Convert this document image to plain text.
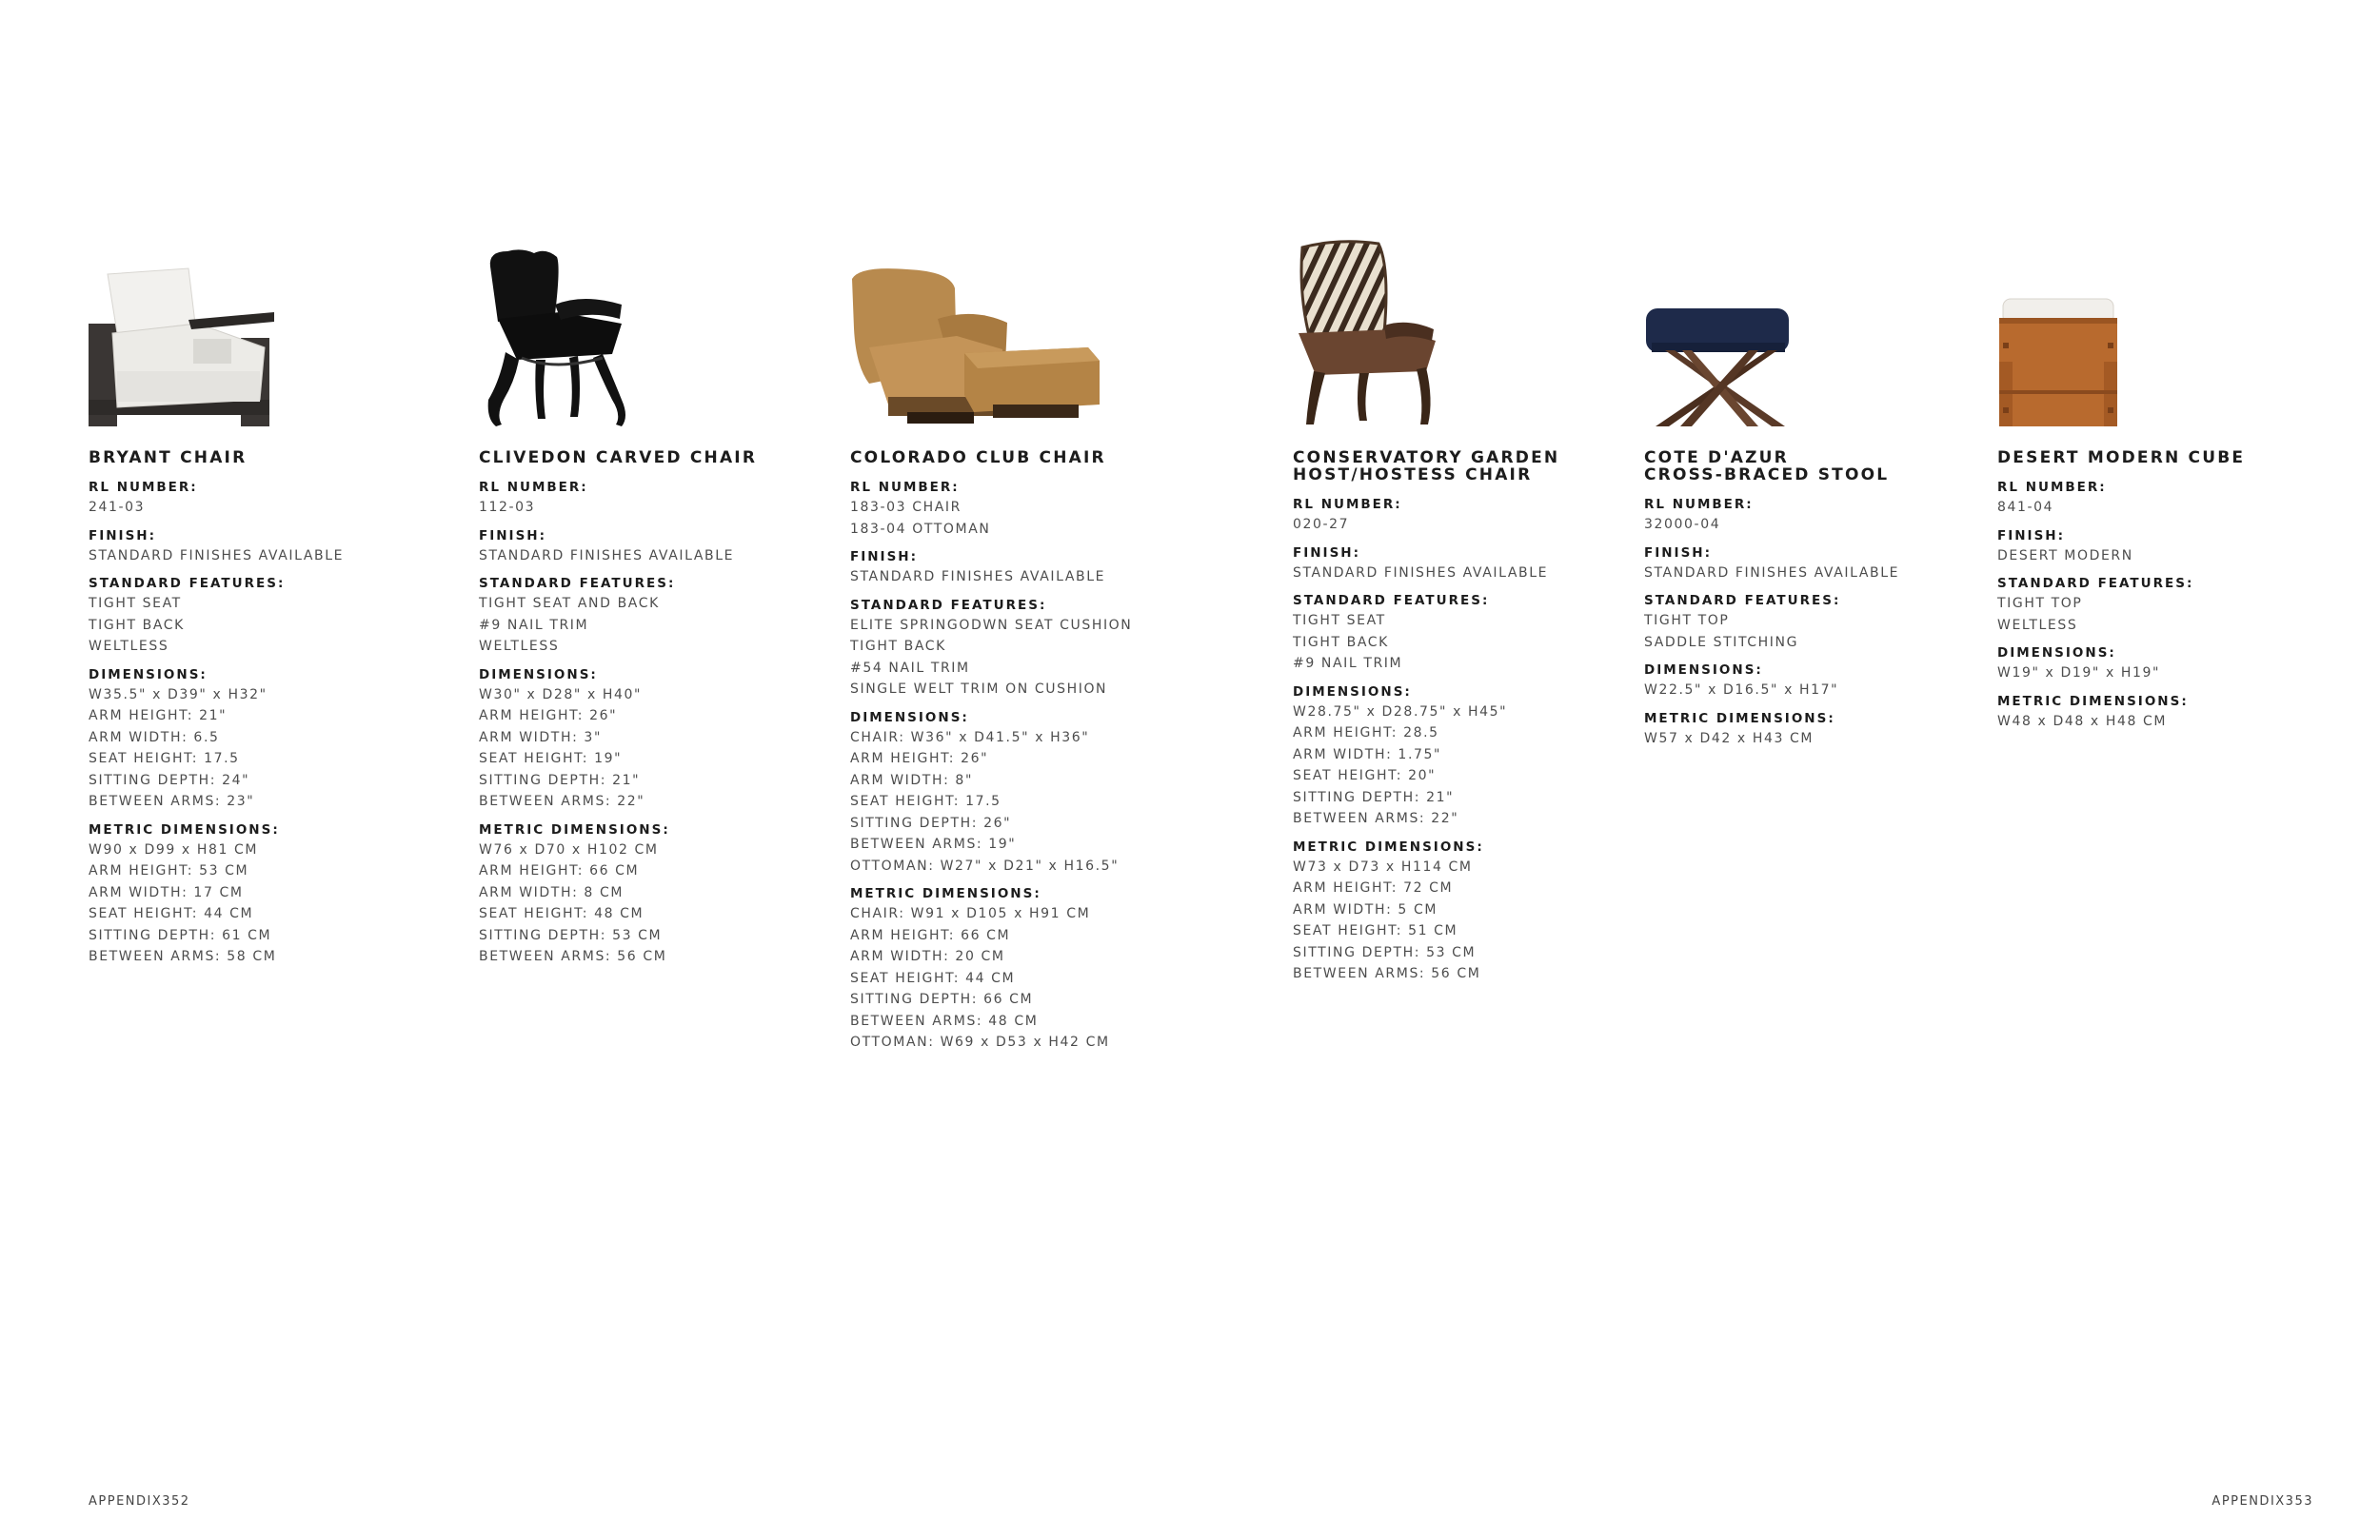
BRYANT CHAIR
RL NUMBER:
241-03
FINISH:
STANDARD FINISHES AVAILABLE
STANDARD FEATURES:
TIGHT SEAT
TIGHT BACK
WELTLESS
DIMENSIONS:
W35.5" x D39" x H32"
ARM HEIGHT: 21"
ARM WIDTH: 6.5
SEAT HEIGHT: 17.5
SITTING DEPTH: 24"
BETWEEN ARMS: 23"
METRIC DIMENSIONS:
W90 x D99 x H81 CM
ARM HEIGHT: 53 CM
ARM WIDTH: 17 CM
SEAT HEIGHT: 44 CM
SITTING DEPTH: 61 CM
BETWEEN ARMS: 58 CM
CLIVEDON CARVED CHAIR
RL NUMBER:
112-03
FINISH:
STANDARD FINISHES AVAILABLE
STANDARD FEATURES:
TIGHT SEAT AND BACK
#9 NAIL TRIM
WELTLESS
DIMENSIONS:
W30" x D28" x H40"
ARM HEIGHT: 26"
ARM WIDTH: 3"
SEAT HEIGHT: 19"
SITTING DEPTH: 21"
BETWEEN ARMS: 22"
METRIC DIMENSIONS:
W76 x D70 x H102 CM
ARM HEIGHT: 66 CM
ARM WIDTH: 8 CM
SEAT HEIGHT: 48 CM
SITTING DEPTH: 53 CM
BETWEEN ARMS: 56 CM
COLORADO CLUB CHAIR
RL NUMBER:
183-03 CHAIR
183-04 OTTOMAN
FINISH:
STANDARD FINISHES AVAILABLE
STANDARD FEATURES:
ELITE SPRINGODWN SEAT CUSHION
TIGHT BACK
#54 NAIL TRIM
SINGLE WELT TRIM ON CUSHION
DIMENSIONS:
CHAIR: W36" x D41.5" x H36"
ARM HEIGHT: 26"
ARM WIDTH: 8"
SEAT HEIGHT: 17.5
SITTING DEPTH: 26"
BETWEEN ARMS: 19"
OTTOMAN: W27" x D21" x H16.5"
METRIC DIMENSIONS:
CHAIR: W91 x D105 x H91 CM
ARM HEIGHT: 66 CM
ARM WIDTH: 20 CM
SEAT HEIGHT: 44 CM
SITTING DEPTH: 66 CM
BETWEEN ARMS: 48 CM
OTTOMAN: W69 x D53 x H42 CM
CONSERVATORY GARDEN
HOST/HOSTESS CHAIR
RL NUMBER:
020-27
FINISH:
STANDARD FINISHES AVAILABLE
STANDARD FEATURES:
TIGHT SEAT
TIGHT BACK
#9 NAIL TRIM
DIMENSIONS:
W28.75" x D28.75" x H45"
ARM HEIGHT: 28.5
ARM WIDTH: 1.75"
SEAT HEIGHT: 20"
SITTING DEPTH: 21"
BETWEEN ARMS: 22"
METRIC DIMENSIONS:
W73 x D73 x H114 CM
ARM HEIGHT: 72 CM
ARM WIDTH: 5 CM
SEAT HEIGHT: 51 CM
SITTING DEPTH: 53 CM
BETWEEN ARMS: 56 CM
COTE D'AZUR
CROSS-BRACED STOOL
RL NUMBER:
32000-04
FINISH:
STANDARD FINISHES AVAILABLE
STANDARD FEATURES:
TIGHT TOP
SADDLE STITCHING
DIMENSIONS:
W22.5" x D16.5" x H17"
METRIC DIMENSIONS:
W57 x D42 x H43 CM
DESERT MODERN CUBE
RL NUMBER:
841-04
FINISH:
DESERT MODERN
STANDARD FEATURES:
TIGHT TOP
WELTLESS
DIMENSIONS:
W19" x D19" x H19"
METRIC DIMENSIONS:
W48 x D48 x H48 CM
APPENDIX352	APPENDIX353
